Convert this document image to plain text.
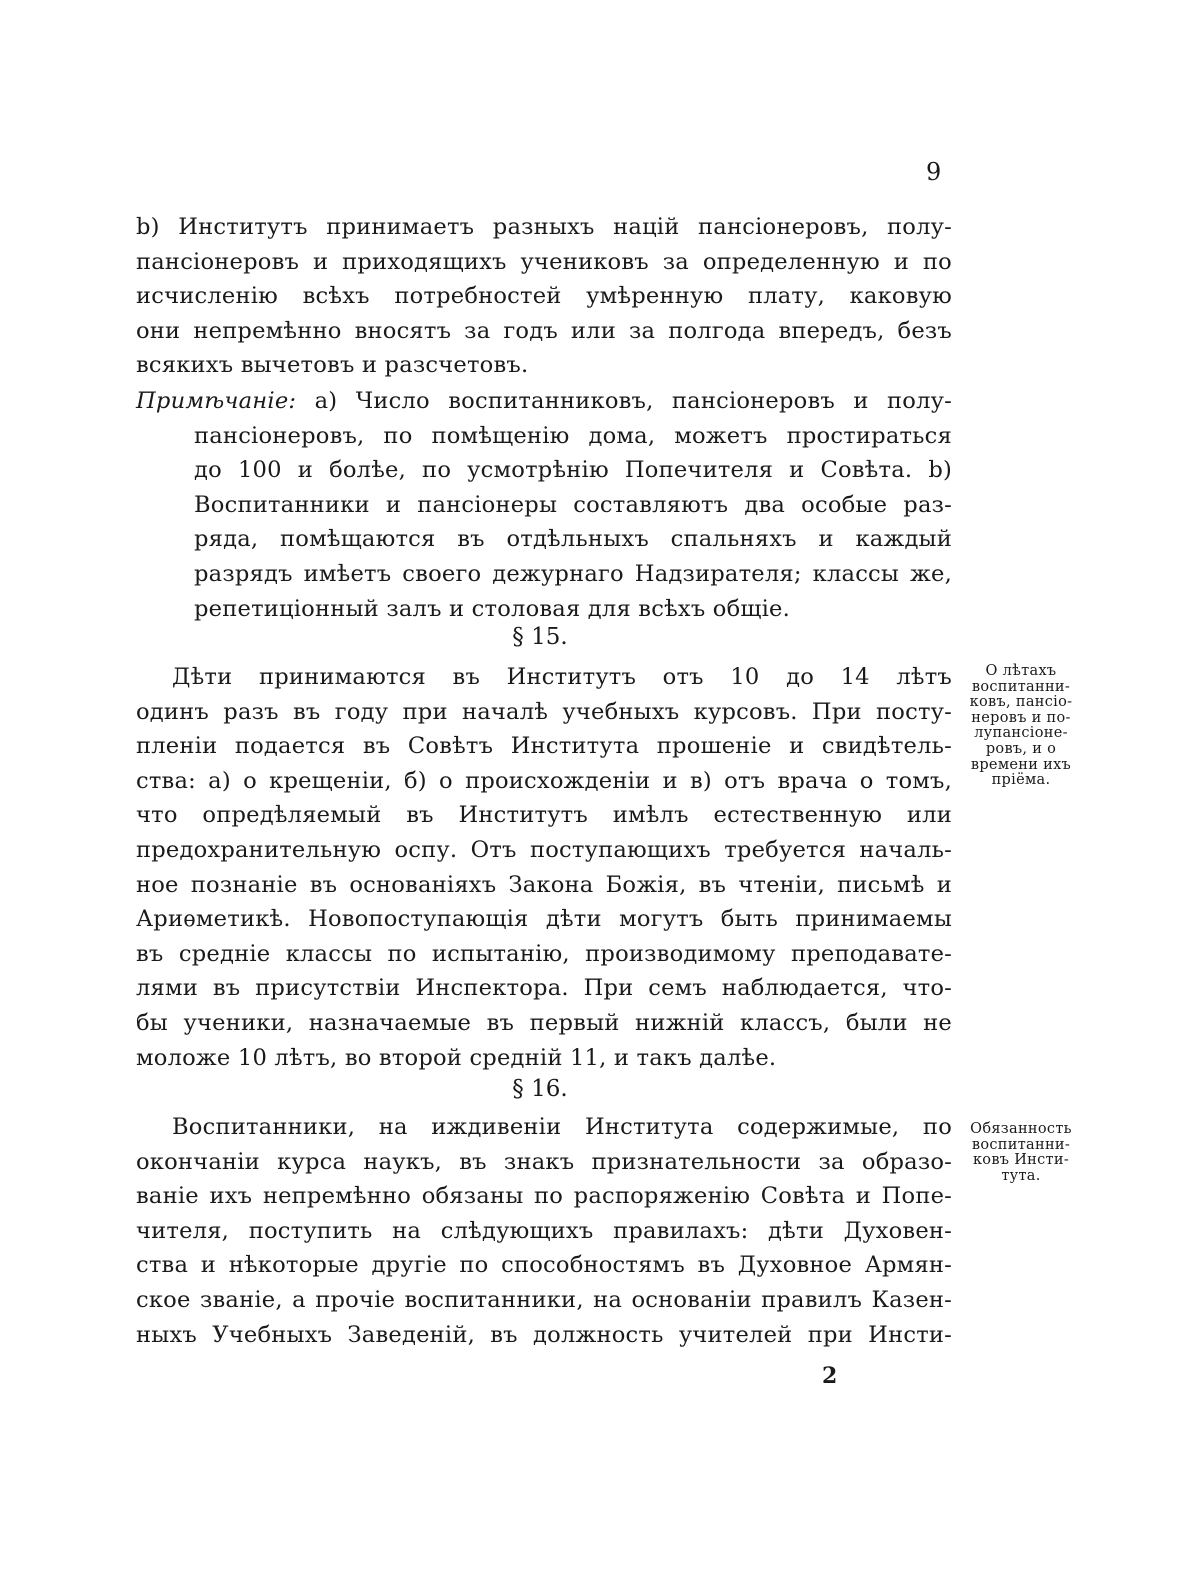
9
b) Институтъ принимаетъ разныхъ націй пансіонеровъ, полу-
пансіонеровъ и приходящихъ учениковъ за определенную и по
исчисленію всѣхъ потребностей умѣренную плату, каковую
они непремѣнно вносятъ за годъ или за полгода впередъ, безъ
всякихъ вычетовъ и разсчетовъ.
Примѣчаніе: а) Число воспитанниковъ, пансіонеровъ и полу-
пансіонеровъ, по помѣщенію дома, можетъ простираться
до 100 и болѣе, по усмотрѣнію Попечителя и Совѣта. b)
Воспитанники и пансіонеры составляютъ два особые раз-
ряда, помѣщаются въ отдѣльныхъ спальняхъ и каждый
разрядъ имѣетъ своего дежурнаго Надзирателя; классы же,
репетиціонный залъ и столовая для всѣхъ общіе.
§ 15.
Дѣти принимаются въ Институтъ отъ 10 до 14 лѣтъ
одинъ разъ въ году при началѣ учебныхъ курсовъ. При посту-
пленіи подается въ Совѣтъ Института прошеніе и свидѣтель-
ства: а) о крещеніи, б) о происхожденіи и в) отъ врача о томъ,
что опредѣляемый въ Институтъ имѣлъ естественную или
предохранительную оспу. Отъ поступающихъ требуется началь-
ное познаніе въ основаніяхъ Закона Божія, въ чтеніи, письмѣ и
Ариѳметикѣ. Новопоступающія дѣти могутъ быть принимаемы
въ средніе классы по испытанію, производимому преподавате-
лями въ присутствіи Инспектора. При семъ наблюдается, что-
бы ученики, назначаемые въ первый нижній классъ, были не
моложе 10 лѣтъ, во второй средній 11, и такъ далѣе.
О лѣтахъ
воспитанни-
ковъ, пансіо-
неровъ и по-
лупансіоне-
ровъ, и о
времени ихъ
пріёма.
§ 16.
Воспитанники, на иждивеніи Института содержимые, по
окончаніи курса наукъ, въ знакъ признательности за образо-
ваніе ихъ непремѣнно обязаны по распоряженію Совѣта и Попе-
чителя, поступить на слѣдующихъ правилахъ: дѣти Духовен-
ства и нѣкоторые другіе по способностямъ въ Духовное Армян-
ское званіе, а прочіе воспитанники, на основаніи правилъ Казен-
ныхъ Учебныхъ Заведеній, въ должность учителей при Инсти-
Обязанность
воспитанни-
ковъ Инсти-
тута.
2
